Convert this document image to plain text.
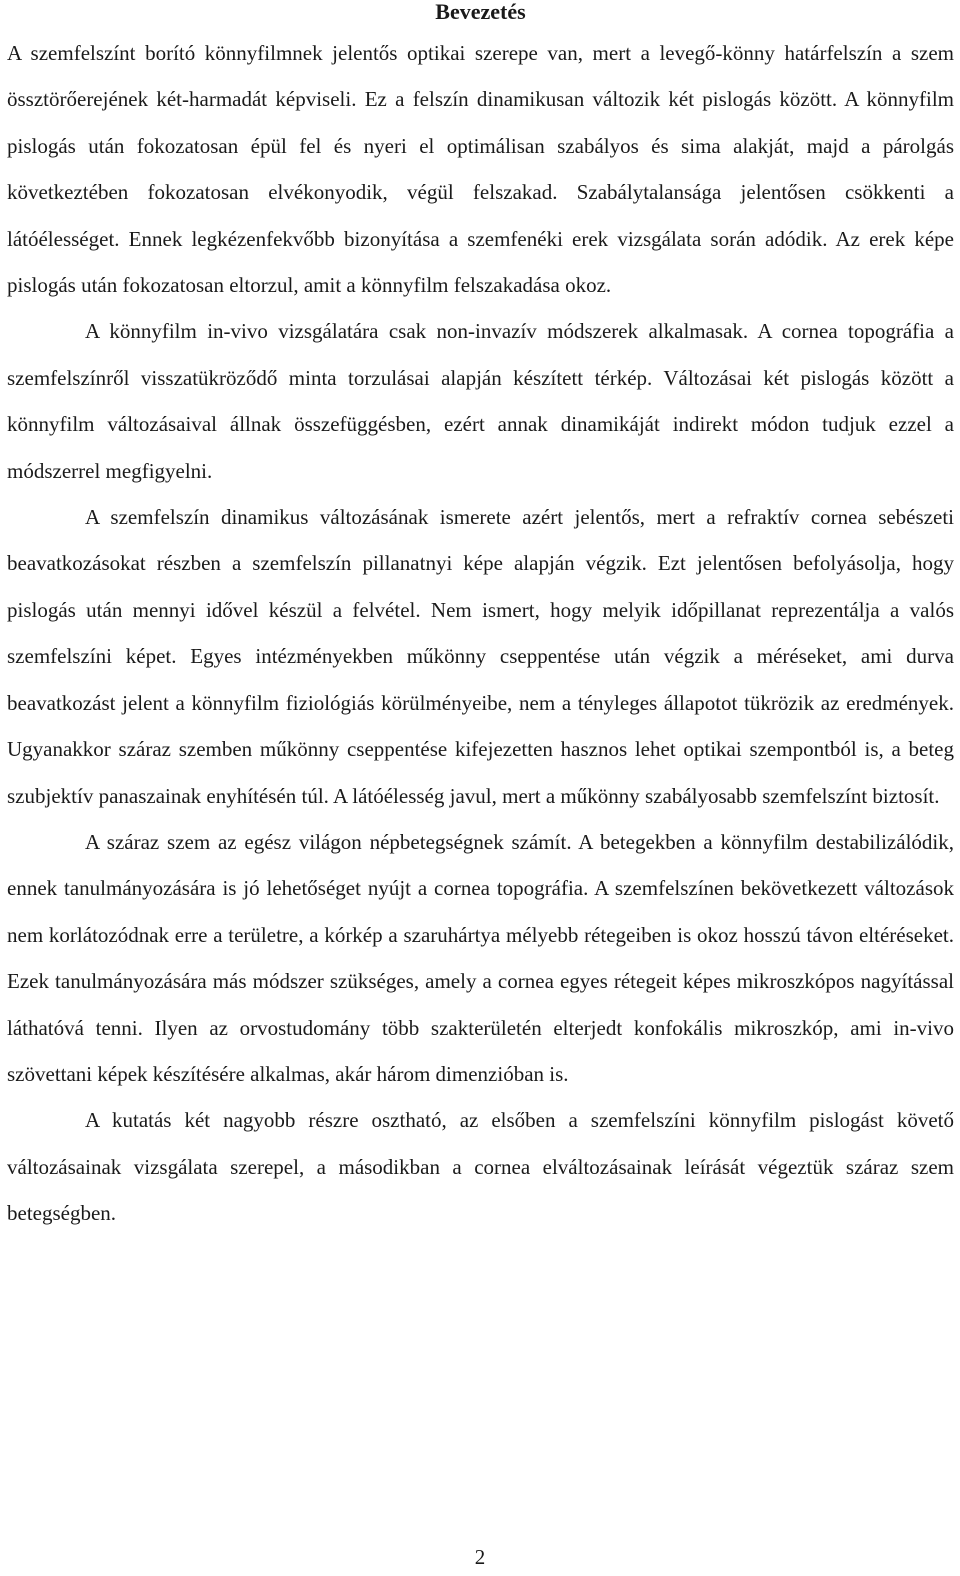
Bevezetés

A szemfelszínt borító könnyfilmnek jelentős optikai szerepe van, mert a levegő-könny határfelszín a szem össztörőerejének két-harmadát képviseli. Ez a felszín dinamikusan változik két pislogás között. A könnyfilm pislogás után fokozatosan épül fel és nyeri el optimálisan szabályos és sima alakját, majd a párolgás következtében fokozatosan elvékonyodik, végül felszakad. Szabálytalansága jelentősen csökkenti a látóélességet. Ennek legkézenfekvőbb bizonyítása a szemfenéki erek vizsgálata során adódik. Az erek képe pislogás után fokozatosan eltorzul, amit a könnyfilm felszakadása okoz.

A könnyfilm in-vivo vizsgálatára csak non-invazív módszerek alkalmasak. A cornea topográfia a szemfelszínről visszatükröződő minta torzulásai alapján készített térkép. Változásai két pislogás között a könnyfilm változásaival állnak összefüggésben, ezért annak dinamikáját indirekt módon tudjuk ezzel a módszerrel megfigyelni.

A szemfelszín dinamikus változásának ismerete azért jelentős, mert a refraktív cornea sebészeti beavatkozásokat részben a szemfelszín pillanatnyi képe alapján végzik. Ezt jelentősen befolyásolja, hogy pislogás után mennyi idővel készül a felvétel. Nem ismert, hogy melyik időpillanat reprezentálja a valós szemfelszíni képet. Egyes intézményekben műkönny cseppentése után végzik a méréseket, ami durva beavatkozást jelent a könnyfilm fiziológiás körülményeibe, nem a tényleges állapotot tükrözik az eredmények. Ugyanakkor száraz szemben műkönny cseppentése kifejezetten hasznos lehet optikai szempontból is, a beteg szubjektív panaszainak enyhítésén túl. A látóélesség javul, mert a műkönny szabályosabb szemfelszínt biztosít.

A száraz szem az egész világon népbetegségnek számít. A betegekben a könnyfilm destabilizálódik, ennek tanulmányozására is jó lehetőséget nyújt a cornea topográfia. A szemfelszínen bekövetkezett változások nem korlátozódnak erre a területre, a kórkép a szaruhártya mélyebb rétegeiben is okoz hosszú távon eltéréseket. Ezek tanulmányozására más módszer szükséges, amely a cornea egyes rétegeit képes mikroszkópos nagyítással láthatóvá tenni. Ilyen az orvostudomány több szakterületén elterjedt konfokális mikroszkóp, ami in-vivo szövettani képek készítésére alkalmas, akár három dimenzióban is.

A kutatás két nagyobb részre osztható, az elsőben a szemfelszíni könnyfilm pislogást követő változásainak vizsgálata szerepel, a másodikban a cornea elváltozásainak leírását végeztük száraz szem betegségben.

2
